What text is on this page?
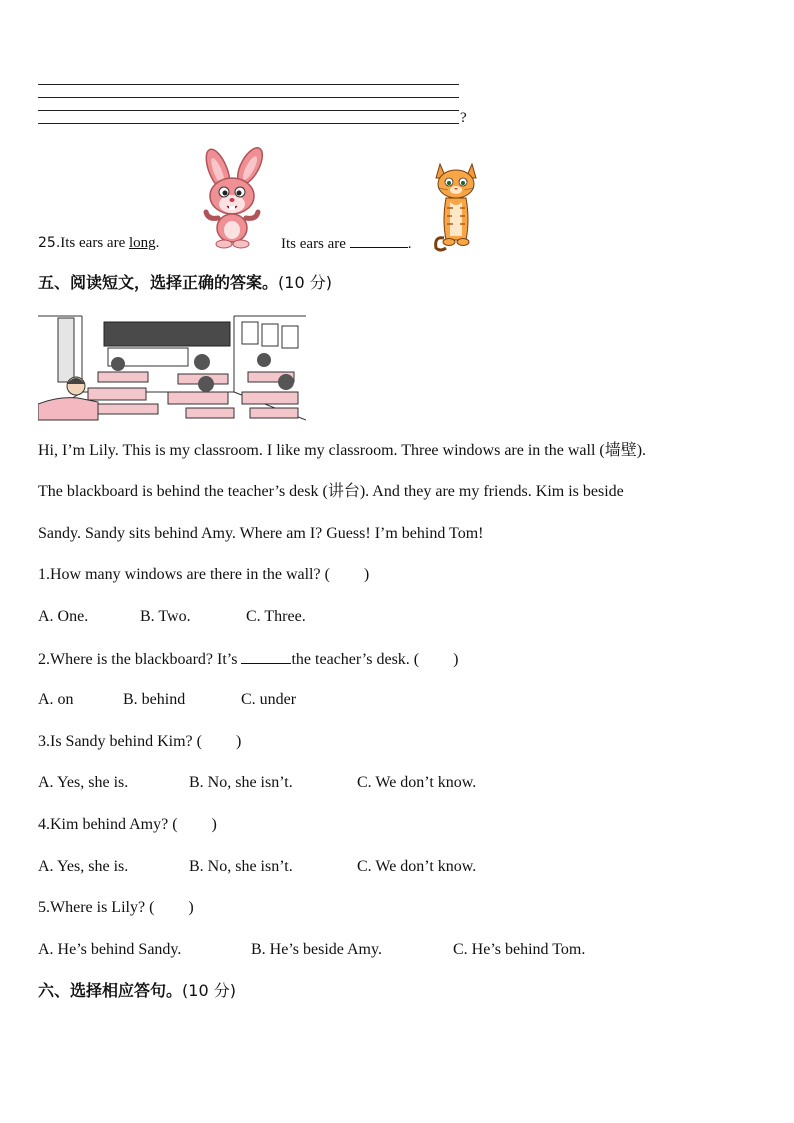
?
25.Its ears are long.	Its ears are	.
五、阅读短文，选择正确的答案。(10 分)
Hi, I’m Lily. This is my classroom. I like my classroom. Three windows are in the wall (墙壁).
The blackboard is behind the teacher’s desk (讲台). And they are my friends. Kim is beside
Sandy. Sandy sits behind Amy. Where am I? Guess! I’m behind Tom!
1.How many windows are there in the wall? ( )
A. One.	B. Two.	C. Three.
2.Where is the blackboard? It’s	the teacher’s desk. ( )
A. on	B. behind	C. under
3.Is Sandy behind Kim? ( )
A. Yes, she is.	B. No, she isn’t.	C. We don’t know.
4.Kim behind Amy? ( )
A. Yes, she is.	B. No, she isn’t.	C. We don’t know.
5.Where is Lily? ( )
A. He’s behind Sandy.	B. He’s beside Amy.	C. He’s behind Tom.
六、选择相应答句。(10 分)
